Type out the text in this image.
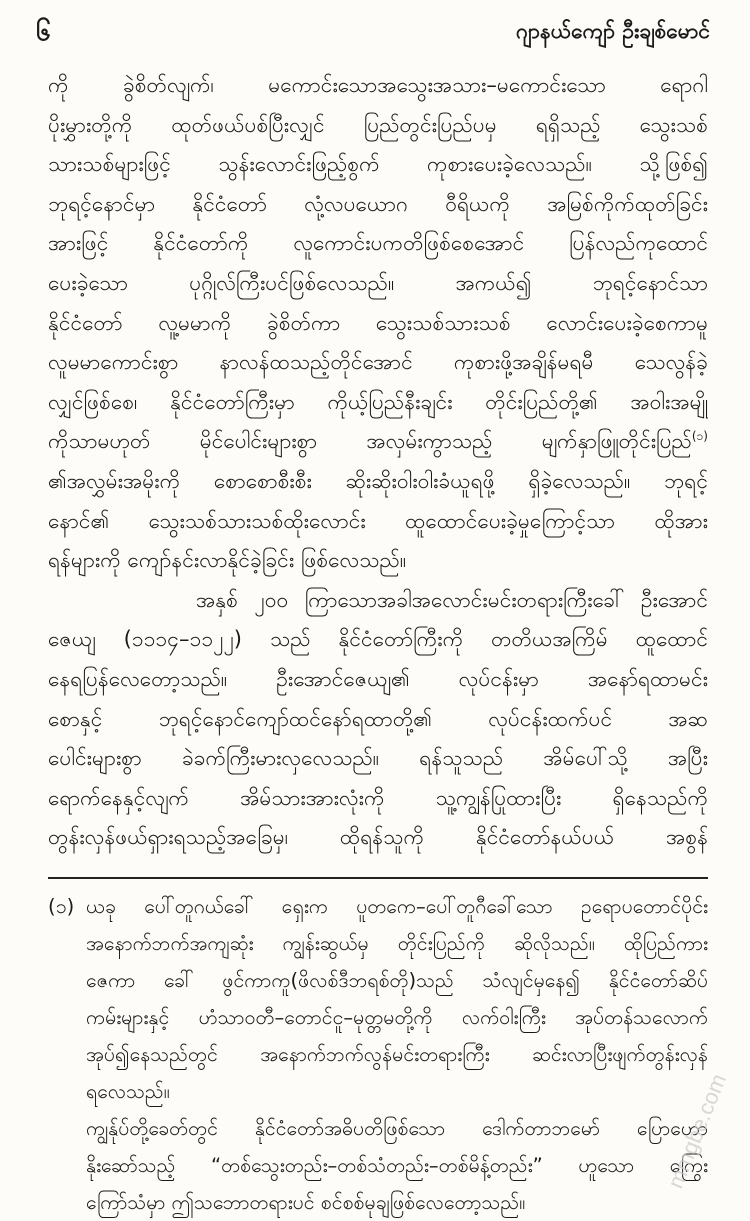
၆	ဂျာနယ်ကျော် ဦးချစ်မောင်
ကို ခွဲစိတ်လျက်၊ မကောင်းသောအသွေးအသား–မကောင်းသော ရောဂါ
ပိုးမွှားတို့ကို ထုတ်ဖယ်ပစ်ပြီးလျှင် ပြည်တွင်းပြည်ပမှ ရရှိသည့် သွေးသစ်
သားသစ်များဖြင့် သွန်းလောင်းဖြည့်စွက် ကုစားပေးခဲ့လေသည်။ သို့ဖြစ်၍
ဘုရင့်နောင်မှာ နိုင်ငံတော် လုံ့လပယောဂ ဝီရိယကို အမြစ်ကိုက်ထုတ်ခြင်း
အားဖြင့် နိုင်ငံတော်ကို လူကောင်းပကတိဖြစ်စေအောင် ပြန်လည်ကုထောင်
ပေးခဲ့သော ပုဂ္ဂိုလ်ကြီးပင်ဖြစ်လေသည်။ အကယ်၍ ဘုရင့်နောင်သာ
နိုင်ငံတော် လူ့မမာကို ခွဲစိတ်ကာ သွေးသစ်သားသစ် လောင်းပေးခဲ့စေကာမူ
လူမမာကောင်းစွာ နာလန်ထသည့်တိုင်အောင် ကုစားဖို့အချိန်မရမီ သေလွန်ခဲ့
လျှင်ဖြစ်စေ၊ နိုင်ငံတော်ကြီးမှာ ကိုယ့်ပြည်နီးချင်း တိုင်းပြည်တို့၏ အဝါးအမျို
ကိုသာမဟုတ် မိုင်ပေါင်းများစွာ အလှမ်းကွာသည့် မျက်နှာဖြူတိုင်းပြည်$^{(၁)}$
၏အလွှမ်းအမိုးကို စောစောစီးစီး ဆိုးဆိုးဝါးဝါးခံယူရဖို့ ရှိခဲ့လေသည်။ ဘုရင့်
နောင်၏ သွေးသစ်သားသစ်ထိုးလောင်း ထူထောင်ပေးခဲ့မှုကြောင့်သာ ထိုအား
ရန်များကို ကျော်နင်းလာနိုင်ခဲ့ခြင်း ဖြစ်လေသည်။
အနှစ် ၂၀၀ ကြာသောအခါအလောင်းမင်းတရားကြီးခေါ် ဦးအောင်
ဇေယျ (၁၁၁၄–၁၁၂၂) သည် နိုင်ငံတော်ကြီးကို တတိယအကြိမ် ထူထောင်
နေရပြန်လေတော့သည်။ ဦးအောင်ဇေယျ၏ လုပ်ငန်းမှာ အနော်ရထာမင်း
စောနှင့် ဘုရင့်နောင်ကျော်ထင်နော်ရထာတို့၏ လုပ်ငန်းထက်ပင် အဆ
ပေါင်းများစွာ ခဲခက်ကြီးမားလှလေသည်။ ရန်သူသည် အိမ်ပေါ်သို့ အပြီး
ရောက်နေနှင့်လျက် အိမ်သားအားလုံးကို သူ့ကျွန်ပြုထားပြီး ရှိနေသည်ကို
တွန်းလှန်ဖယ်ရှားရသည့်အခြေမှ၊ ထိုရန်သူကို နိုင်ငံတော်နယ်ပယ် အစွန်
(၁) ယခု ပေါ်တူဂယ်ခေါ် ရှေးက ပူတကေ–ပေါ်တူဂီခေါ်သော ဥရောပတောင်ပိုင်း
အနောက်ဘက်အကျဆုံး ကျွန်းဆွယ်မှ တိုင်းပြည်ကို ဆိုလိုသည်။ ထိုပြည်ကား
ဇေကာ ခေါ် ဖွင်ကာကူ(ဖိလစ်ဒီဘရစ်တို)သည် သံလျင်မှနေ၍ နိုင်ငံတော်ဆိပ်
ကမ်းများနှင့် ဟံသာဝတီ–တောင်ငူ–မုတ္တမတို့ကို လက်ဝါးကြီး အုပ်တန်သလောက်
အုပ်၍နေသည်တွင် အနောက်ဘက်လွန်မင်းတရားကြီး ဆင်းလာပြီးဖျက်တွန်းလှန်
ရလေသည်။
ကျွန်ုပ်တို့ခေတ်တွင် နိုင်ငံတော်အဓိပတိဖြစ်သော ဒေါက်တာဘမော် ပြောဟော
နိုးဆော်သည့် “တစ်သွေးတည်း–တစ်သံတည်း–တစ်မိန့်တည်း” ဟူသော ကြွေး
ကြော်သံမှာ ဤသဘောတရားပင် စင်စစ်မုချဖြစ်လေတော့သည်။
mmgbe.com
